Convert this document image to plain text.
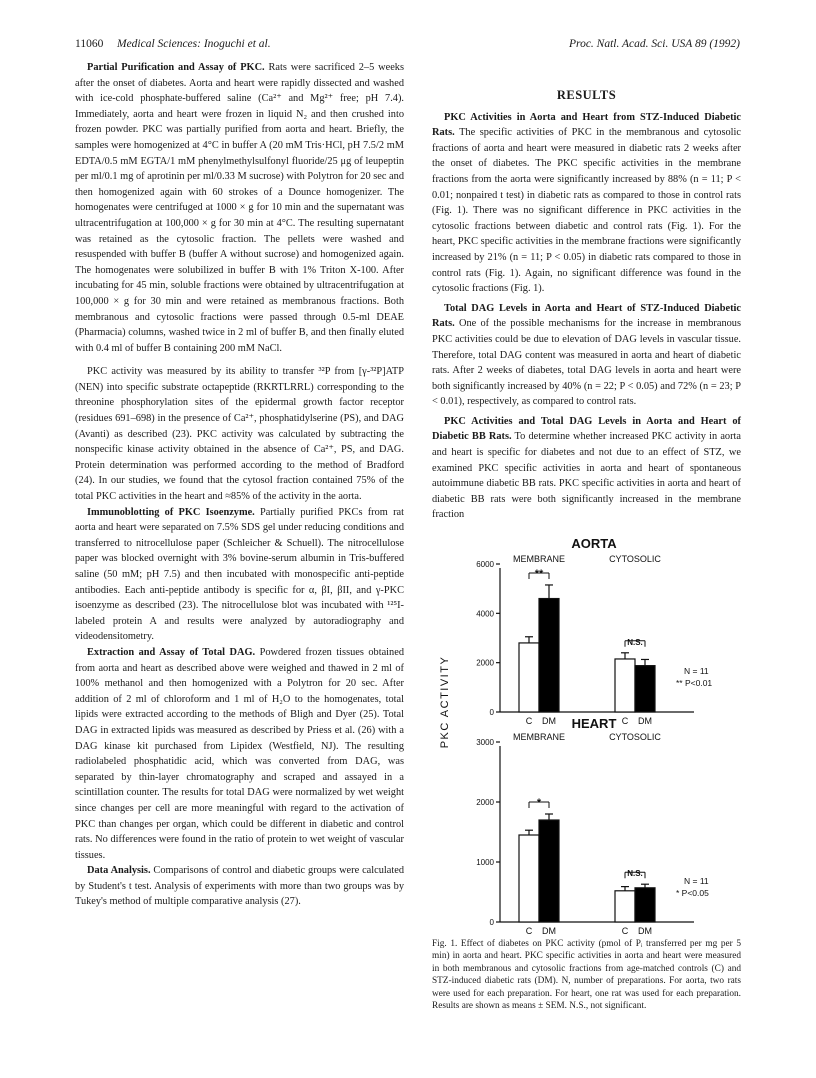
11060 Medical Sciences: Inoguchi et al.	Proc. Natl. Acad. Sci. USA 89 (1992)

Partial Purification and Assay of PKC. Rats were sacrificed 2–5 weeks after the onset of diabetes. Aorta and heart were rapidly dissected and washed with ice-cold phosphate-buffered saline (Ca²⁺ and Mg²⁺ free; pH 7.4). Immediately, aorta and heart were frozen in liquid N₂ and then crushed into frozen powder. PKC was partially purified from aorta and heart. Briefly, the samples were homogenized at 4°C in buffer A (20 mM Tris·HCl, pH 7.5/2 mM EDTA/0.5 mM EGTA/1 mM phenylmethylsulfonyl fluoride/25 μg of leupeptin per ml/0.1 mg of aprotinin per ml/0.33 M sucrose) with Polytron for 20 sec and then homogenized again with 60 strokes of a Dounce homogenizer. The homogenates were centrifuged at 1000 × g for 10 min and the supernatant was ultracentrifugation at 100,000 × g for 30 min at 4°C. The resulting supernatant was retained as the cytosolic fraction. The pellets were washed and resuspended with buffer B (buffer A without sucrose) and homogenized again. The homogenates were solubilized in buffer B with 1% Triton X-100. After incubating for 45 min, soluble fractions were obtained by ultracentrifugation at 100,000 × g for 30 min and were retained as membranous fractions. Both membranous and cytosolic fractions were passed through 0.5-ml DEAE (Pharmacia) columns, washed twice in 2 ml of buffer B, and then finally eluted with 0.4 ml of buffer B containing 200 mM NaCl.

PKC activity was measured by its ability to transfer ³²P from [γ-³²P]ATP (NEN) into specific substrate octapeptide (RKRTLRRL) corresponding to the threonine phosphorylation sites of the epidermal growth factor receptor (residues 691–698) in the presence of Ca²⁺, phosphatidylserine (PS), and DAG (Avanti) as described (23). PKC activity was calculated by subtracting the nonspecific kinase activity obtained in the absence of Ca²⁺, PS, and DAG. Protein determination was performed according to the method of Bradford (24). In our studies, we found that the cytosol fraction contained 75% of the total PKC activities in the heart and ≈85% of the activity in the aorta.

Immunoblotting of PKC Isoenzyme. Partially purified PKCs from rat aorta and heart were separated on 7.5% SDS gel under reducing conditions and transferred to nitrocellulose paper (Schleicher & Schuell). The nitrocellulose paper was blocked overnight with 3% bovine-serum albumin in Tris-buffered saline (50 mM; pH 7.5) and then incubated with monospecific anti-peptide antibodies. Each anti-peptide antibody is specific for α, βI, βII, and γ-PKC isoenzyme as described (23). The nitrocellulose blot was incubated with ¹²⁵I-labeled protein A and results were analyzed by autoradiography and videodensitometry.

Extraction and Assay of Total DAG. Powdered frozen tissues obtained from aorta and heart as described above were weighed and thawed in 2 ml of 100% methanol and then homogenized with a Polytron for 20 sec. After addition of 2 ml of chloroform and 1 ml of H₂O to the homogenates, total lipids were extracted according to the methods of Bligh and Dyer (25). Total DAG in extracted lipids was measured as described by Priess et al. (26) with a DAG kinase kit purchased from Lipidex (Westfield, NJ). The resulting radiolabeled phosphatidic acid, which was converted from DAG, was separated by thin-layer chromatography and scraped and assayed in a scintillation counter. The results for total DAG were normalized by wet weight since changes per cell are more meaningful with regard to the activation of PKC than changes per organ, which could be different in diabetic and control rats. No differences were found in the ratio of protein to wet weight of vascular tissues.

Data Analysis. Comparisons of control and diabetic groups were calculated by Student's t test. Analysis of experiments with more than two groups was by Tukey's method of multiple comparative analysis (27).

RESULTS

PKC Activities in Aorta and Heart from STZ-Induced Diabetic Rats. The specific activities of PKC in the membranous and cytosolic fractions of aorta and heart were measured in diabetic rats 2 weeks after the onset of diabetes. The PKC specific activities in the membrane fractions from the aorta were significantly increased by 88% (n = 11; P < 0.01; nonpaired t test) in diabetic rats as compared to those in control rats (Fig. 1). There was no significant difference in PKC activities in the cytosolic fractions between diabetic and control rats (Fig. 1). For the heart, PKC specific activities in the membrane fractions were significantly increased by 21% (n = 11; P < 0.05) in diabetic rats compared to those in control rats (Fig. 1). Again, no significant difference was found in the cytosolic fractions (Fig. 1).

Total DAG Levels in Aorta and Heart of STZ-Induced Diabetic Rats. One of the possible mechanisms for the increase in membranous PKC activities could be due to elevation of DAG levels in vascular tissue. Therefore, total DAG content was measured in aorta and heart of diabetic rats. After 2 weeks of diabetes, total DAG levels in aorta and heart were both significantly increased by 40% (n = 22; P < 0.05) and 72% (n = 23; P < 0.01), respectively, as compared to control rats.

PKC Activities and Total DAG Levels in Aorta and Heart of Diabetic BB Rats. To determine whether increased PKC activity in aorta and heart is specific for diabetes and not due to an effect of STZ, we examined PKC specific activities in aorta and heart of spontaneous autoimmune diabetic BB rats. PKC specific activities in aorta and heart of diabetic BB rats were both significantly increased in the membrane fraction

PKC ACTIVITY
AORTA
MEMBRANE	CYTOSOLIC
0
2000
4000
6000
C DM	C DM
**
N.S.
N = 11
** P<0.01
HEART
MEMBRANE	CYTOSOLIC
0
1000
2000
3000
C DM	C DM
*
N.S.
N = 11
* P<0.05
Fig. 1. Effect of diabetes on PKC activity (pmol of Pᵢ transferred per mg per 5 min) in aorta and heart. PKC specific activities in aorta and heart were measured in both membranous and cytosolic fractions from age-matched controls (C) and STZ-induced diabetic rats (DM). N, number of preparations. For aorta, two rats were used for each preparation. For heart, one rat was used for each preparation. Results are shown as means ± SEM. N.S., not significant.
